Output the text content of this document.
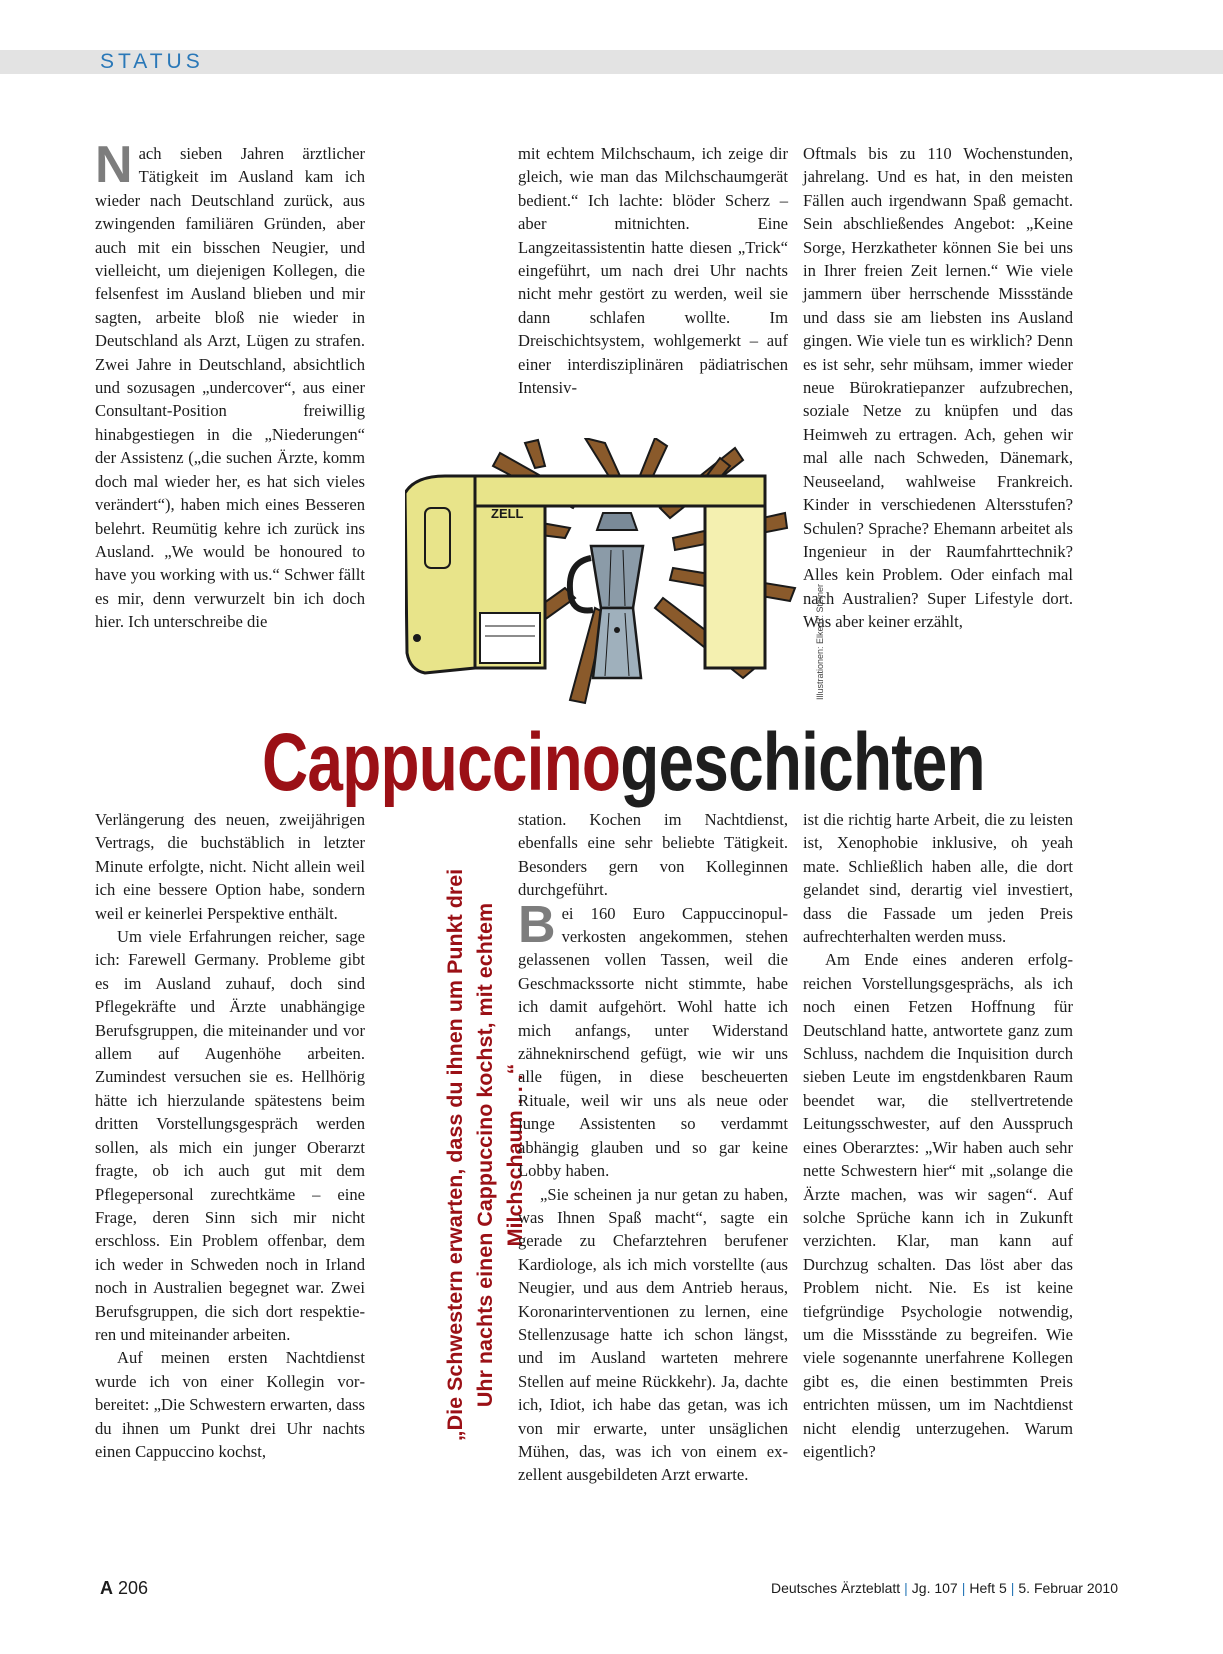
STATUS

Nach sieben Jahren ärztlicher Tätigkeit im Ausland kam ich wieder nach Deutschland zurück, aus zwingenden familiären Gründen, aber auch mit ein bisschen Neugier, und vielleicht, um diejenigen Kollegen, die felsenfest im Ausland blieben und mir sagten, arbeite bloß nie wieder in Deutschland als Arzt, Lügen zu strafen. Zwei Jahre in Deutschland, absichtlich und sozusagen „undercover“, aus einer Consultant-Position freiwillig hinabgestiegen in die „Niederungen“ der Assistenz („die suchen Ärzte, komm doch mal wieder her, es hat sich vieles verändert“), haben mich eines Besseren belehrt. Reumütig kehre ich zurück ins Ausland. „We would be honoured to have you working with us.“ Schwer fällt es mir, denn verwurzelt bin ich doch hier. Ich unterschreibe die

mit echtem Milchschaum, ich zeige dir gleich, wie man das Milchschaumgerät bedient.“ Ich lachte: blöder Scherz – aber mitnichten. Eine Langzeitassistentin hatte diesen „Trick“ eingeführt, um nach drei Uhr nachts nicht mehr gestört zu werden, weil sie dann schlafen wollte. Im Dreischichtsystem, wohlgemerkt – auf einer interdisziplinären pädiatrischen Intensiv-

Oftmals bis zu 110 Wochenstunden, jahrelang. Und es hat, in den meisten Fällen auch irgendwann Spaß gemacht. Sein abschließendes Angebot: „Keine Sorge, Herzkatheter können Sie bei uns in Ihrer freien Zeit lernen.“ Wie viele jammern über herrschende Missstände und dass sie am liebsten ins Ausland gingen. Wie viele tun es wirklich? Denn es ist sehr, sehr mühsam, immer wieder neue Bürokratiepanzer aufzubrechen, soziale Netze zu knüpfen und das Heimweh zu ertragen. Ach, gehen wir mal alle nach Schweden, Dänemark, Neuseeland, wahlweise Frankreich. Kinder in verschiedenen Altersstufen? Schulen? Sprache? Ehemann arbeitet als Ingenieur in der Raumfahrttechnik? Alles kein Problem. Oder einfach mal nach Australien? Super Lifestyle dort. Was aber keiner erzählt,

ZELL
Illustrationen: Elke R. Steiner
Cappuccinogeschichten

Verlängerung des neuen, zweijährigen Vertrags, die buchstäblich in letzter Minute erfolgte, nicht. Nicht allein weil ich eine bessere Option habe, sondern weil er keinerlei Perspektive enthält.

Um viele Erfahrungen reicher, sage ich: Farewell Germany. Probleme gibt es im Ausland zuhauf, doch sind Pflegekräfte und Ärzte unabhängige Berufsgruppen, die miteinander und vor allem auf Augenhöhe arbeiten. Zumindest versuchen sie es. Hellhörig hätte ich hierzulande spätestens beim dritten Vorstellungsgespräch werden sollen, als mich ein junger Oberarzt fragte, ob ich auch gut mit dem Pflegepersonal zurechtkäme – eine Frage, deren Sinn sich mir nicht erschloss. Ein Problem offenbar, dem ich weder in Schweden noch in Irland noch in Australien begegnet war. Zwei Berufsgruppen, die sich dort respektieren und miteinander arbeiten.

Auf meinen ersten Nachtdienst wurde ich von einer Kollegin vorbereitet: „Die Schwestern erwarten, dass du ihnen um Punkt drei Uhr nachts einen Cappuccino kochst,

„Die Schwestern erwarten, dass du ihnen um Punkt drei Uhr nachts einen Cappuccino kochst, mit echtem Milchschaum . . .“

station. Kochen im Nachtdienst, ebenfalls eine sehr beliebte Tätigkeit. Besonders gern von Kolleginnen durchgeführt.

Bei 160 Euro Cappuccinopulverkosten angekommen, stehen gelassenen vollen Tassen, weil die Geschmackssorte nicht stimmte, habe ich damit aufgehört. Wohl hatte ich mich anfangs, unter Widerstand zähneknirschend gefügt, wie wir uns alle fügen, in diese bescheuerten Rituale, weil wir uns als neue oder junge Assistenten so verdammt abhängig glauben und so gar keine Lobby haben.

„Sie scheinen ja nur getan zu haben, was Ihnen Spaß macht“, sagte ein gerade zu Chefarztehren berufener Kardiologe, als ich mich vorstellte (aus Neugier, und aus dem Antrieb heraus, Koronarinterventionen zu lernen, eine Stellenzusage hatte ich schon längst, und im Ausland warteten mehrere Stellen auf meine Rückkehr). Ja, dachte ich, Idiot, ich habe das getan, was ich von mir erwarte, unter unsäglichen Mühen, das, was ich von einem exzellent ausgebildeten Arzt erwarte.

ist die richtig harte Arbeit, die zu leisten ist, Xenophobie inklusive, oh yeah mate. Schließlich haben alle, die dort gelandet sind, derartig viel investiert, dass die Fassade um jeden Preis aufrechterhalten werden muss.

Am Ende eines anderen erfolgreichen Vorstellungsgesprächs, als ich noch einen Fetzen Hoffnung für Deutschland hatte, antwortete ganz zum Schluss, nachdem die Inquisition durch sieben Leute im engstdenkbaren Raum beendet war, die stellvertretende Leitungsschwester, auf den Ausspruch eines Oberarztes: „Wir haben auch sehr nette Schwestern hier“ mit „solange die Ärzte machen, was wir sagen“. Auf solche Sprüche kann ich in Zukunft verzichten. Klar, man kann auf Durchzug schalten. Das löst aber das Problem nicht. Nie. Es ist keine tiefgründige Psychologie notwendig, um die Missstände zu begreifen. Wie viele sogenannte unerfahrene Kollegen gibt es, die einen bestimmten Preis entrichten müssen, um im Nachtdienst nicht elendig unterzugehen. Warum eigentlich?

A 206	Deutsches Ärzteblatt | Jg. 107 | Heft 5 | 5. Februar 2010
